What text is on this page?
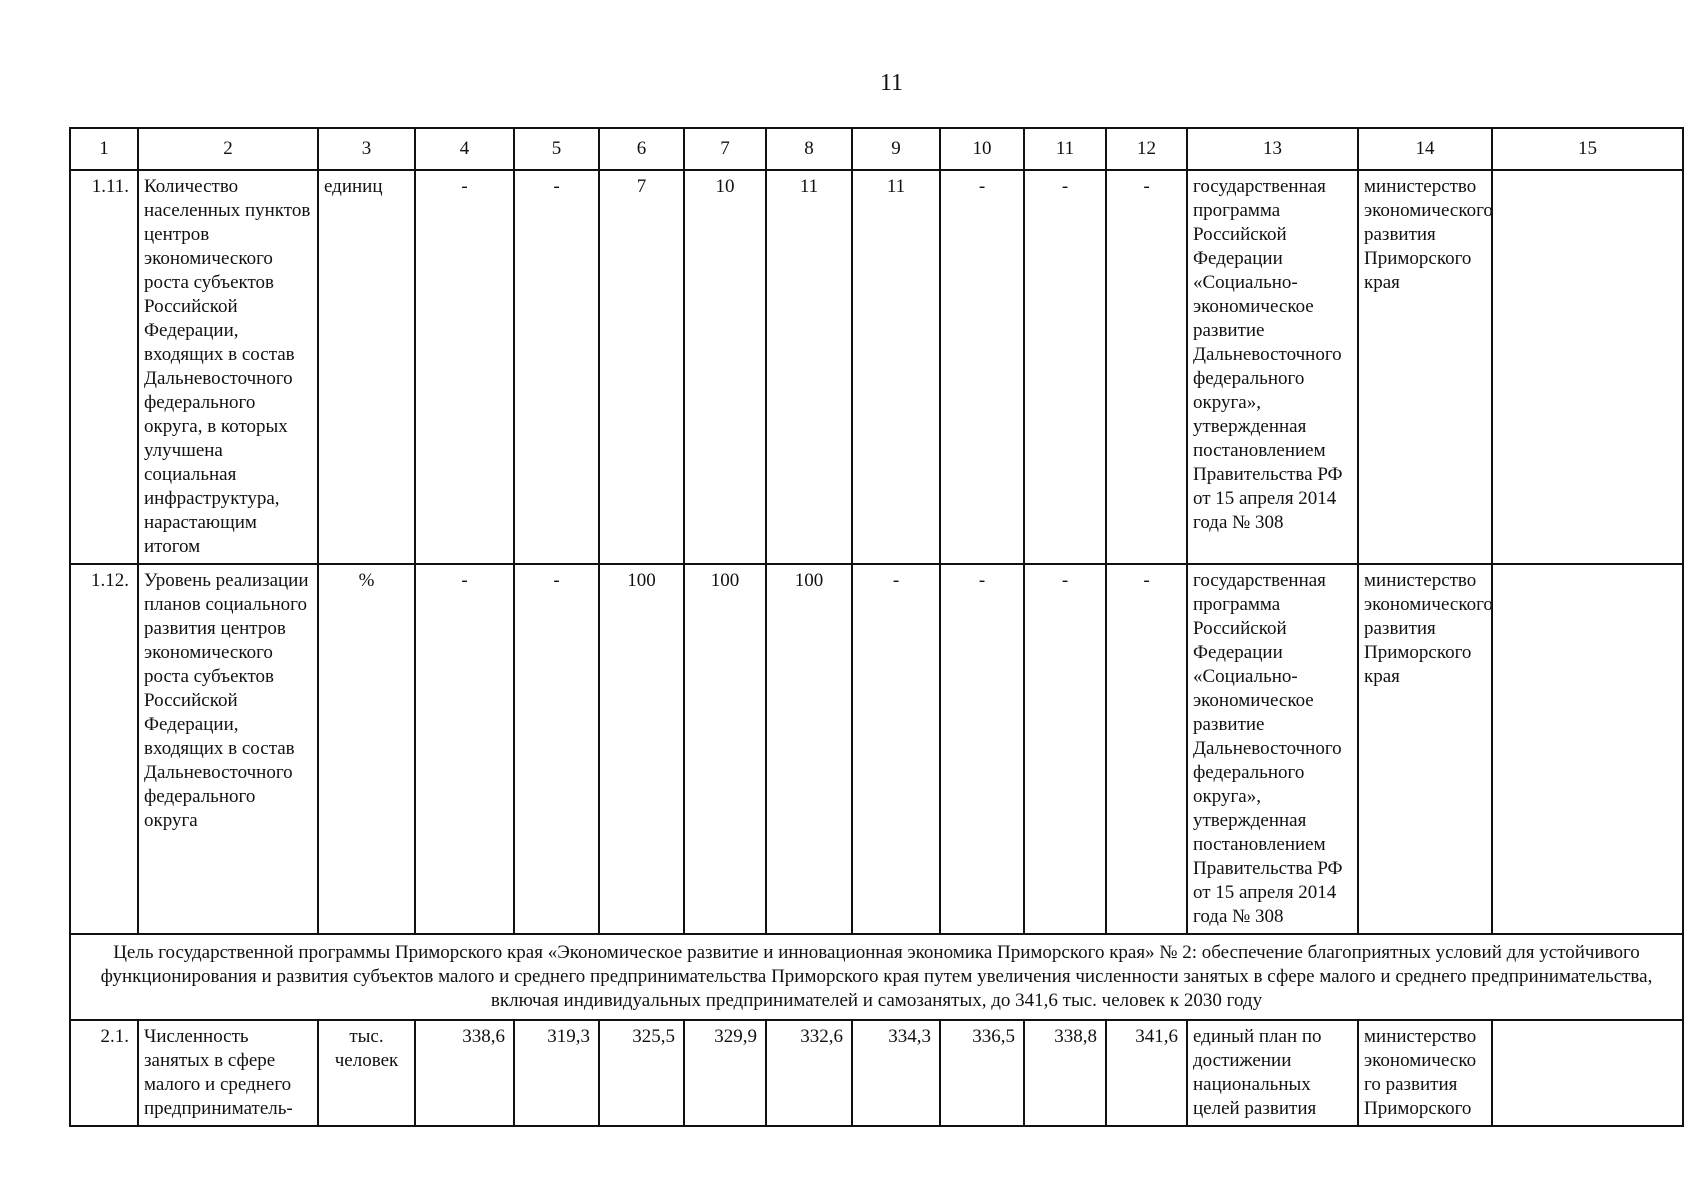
11
1	2	3	4	5	6	7	8	9	10	11	12	13	14	15
1.11.	Количество населенных пунктов центров экономического роста субъектов Российской Федерации, входящих в состав Дальневосточного федерального округа, в которых улучшена социальная инфраструктура, нарастающим итогом	единиц	-	-	7	10	11	11	-	-	-	государственная программа Российской Федерации «Социально-экономическое развитие Дальневосточного федерального округа», утвержденная постановлением Правительства РФ от 15 апреля 2014 года № 308	министерство экономического развития Приморского края	
1.12.	Уровень реализации планов социального развития центров экономического роста субъектов Российской Федерации, входящих в состав Дальневосточного федерального округа	%	-	-	100	100	100	-	-	-	-	государственная программа Российской Федерации «Социально-экономическое развитие Дальневосточного федерального округа», утвержденная постановлением Правительства РФ от 15 апреля 2014 года № 308	министерство экономического развития Приморского края	
Цель государственной программы Приморского края «Экономическое развитие и инновационная экономика Приморского края» № 2: обеспечение благоприятных условий для устойчивого функционирования и развития субъектов малого и среднего предпринимательства Приморского края путем увеличения численности занятых в сфере малого и среднего предпринимательства, включая индивидуальных предпринимателей и самозанятых, до 341,6 тыс. человек к 2030 году														
2.1.	Численность занятых в сфере малого и среднего предприниматель-	тыс. человек	338,6	319,3	325,5	329,9	332,6	334,3	336,5	338,8	341,6	единый план по достижении национальных целей развития	министерство экономическо го развития Приморского	
